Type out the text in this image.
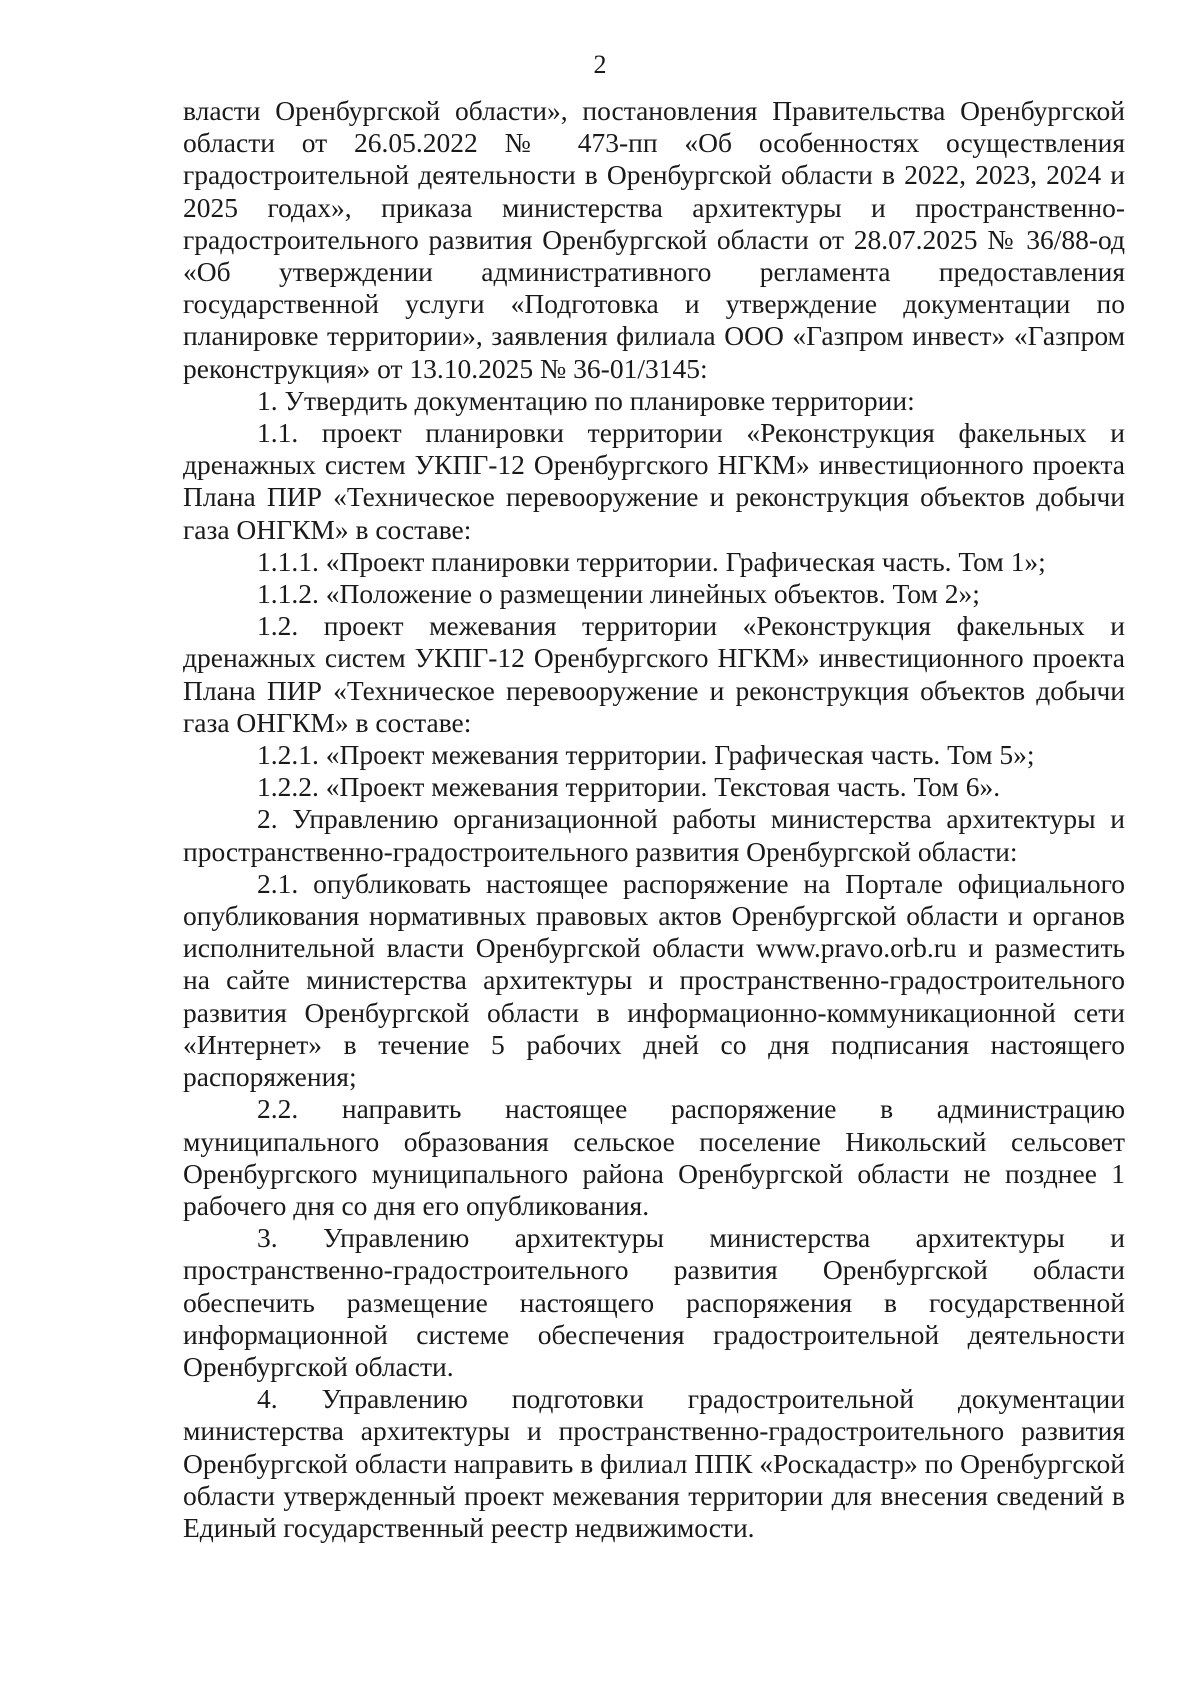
2

власти Оренбургской области», постановления Правительства Оренбургской области от 26.05.2022 № 473-пп «Об особенностях осуществления градостроительной деятельности в Оренбургской области в 2022, 2023, 2024 и 2025 годах», приказа министерства архитектуры и пространственно-градостроительного развития Оренбургской области от 28.07.2025 № 36/88-од «Об утверждении административного регламента предоставления государственной услуги «Подготовка и утверждение документации по планировке территории», заявления филиала ООО «Газпром инвест» «Газпром реконструкция» от 13.10.2025 № 36-01/3145:

1. Утвердить документацию по планировке территории:

1.1. проект планировки территории «Реконструкция факельных и дренажных систем УКПГ-12 Оренбургского НГКМ» инвестиционного проекта Плана ПИР «Техническое перевооружение и реконструкция объектов добычи газа ОНГКМ» в составе:

1.1.1. «Проект планировки территории. Графическая часть. Том 1»;

1.1.2. «Положение о размещении линейных объектов. Том 2»;

1.2. проект межевания территории «Реконструкция факельных и дренажных систем УКПГ-12 Оренбургского НГКМ» инвестиционного проекта Плана ПИР «Техническое перевооружение и реконструкция объектов добычи газа ОНГКМ» в составе:

1.2.1. «Проект межевания территории. Графическая часть. Том 5»;

1.2.2. «Проект межевания территории. Текстовая часть. Том 6».

2. Управлению организационной работы министерства архитектуры и пространственно-градостроительного развития Оренбургской области:

2.1. опубликовать настоящее распоряжение на Портале официального опубликования нормативных правовых актов Оренбургской области и органов исполнительной власти Оренбургской области www.pravo.orb.ru и разместить на сайте министерства архитектуры и пространственно-градостроительного развития Оренбургской области в информационно-коммуникационной сети «Интернет» в течение 5 рабочих дней со дня подписания настоящего распоряжения;

2.2. направить настоящее распоряжение в администрацию муниципального образования сельское поселение Никольский сельсовет Оренбургского муниципального района Оренбургской области не позднее 1 рабочего дня со дня его опубликования.

3. Управлению архитектуры министерства архитектуры и пространственно-градостроительного развития Оренбургской области обеспечить размещение настоящего распоряжения в государственной информационной системе обеспечения градостроительной деятельности Оренбургской области.

4. Управлению подготовки градостроительной документации министерства архитектуры и пространственно-градостроительного развития Оренбургской области направить в филиал ППК «Роскадастр» по Оренбургской области утвержденный проект межевания территории для внесения сведений в Единый государственный реестр недвижимости.
